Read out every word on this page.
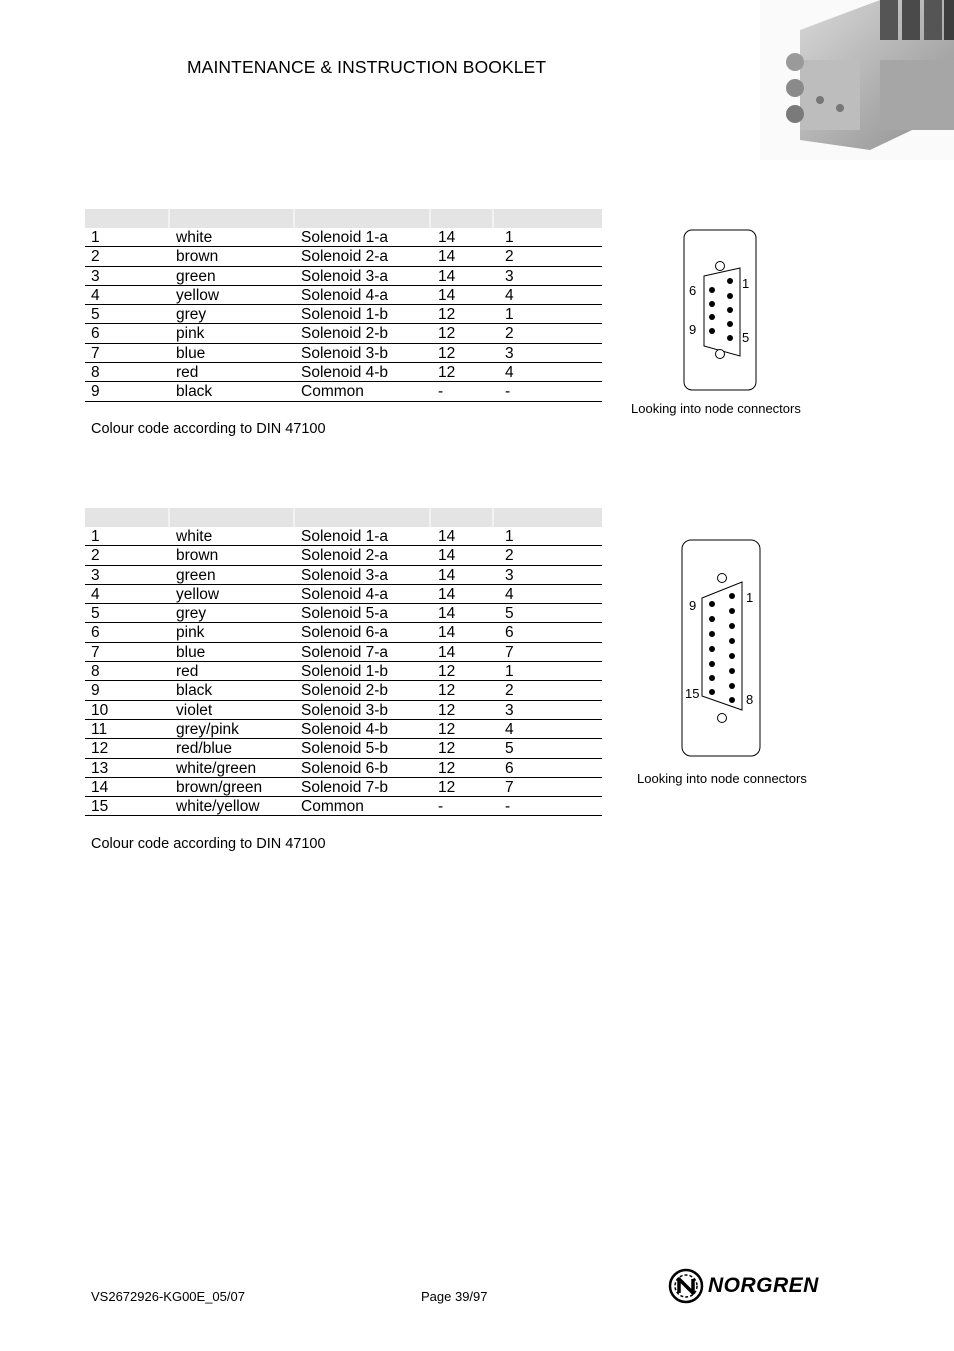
MAINTENANCE & INSTRUCTION BOOKLET
1	white	Solenoid 1-a	14	1
2	brown	Solenoid 2-a	14	2
3	green	Solenoid 3-a	14	3
4	yellow	Solenoid 4-a	14	4
5	grey	Solenoid 1-b	12	1
6	pink	Solenoid 2-b	12	2
7	blue	Solenoid 3-b	12	3
8	red	Solenoid 4-b	12	4
9	black	Common	-	-
Colour code according to DIN 47100
6	1
9
5
Looking into node connectors
1	white	Solenoid 1-a	14	1
2	brown	Solenoid 2-a	14	2
3	green	Solenoid 3-a	14	3
4	yellow	Solenoid 4-a	14	4
5	grey	Solenoid 5-a	14	5
6	pink	Solenoid 6-a	14	6
7	blue	Solenoid 7-a	14	7
8	red	Solenoid 1-b	12	1
9	black	Solenoid 2-b	12	2
10	violet	Solenoid 3-b	12	3
11	grey/pink	Solenoid 4-b	12	4
12	red/blue	Solenoid 5-b	12	5
13	white/green	Solenoid 6-b	12	6
14	brown/green	Solenoid 7-b	12	7
15	white/yellow	Common	-	-
Colour code according to DIN 47100
9
1
15	8
Looking into node connectors
VS2672926-KG00E_05/07	Page 39/97	NORGREN
